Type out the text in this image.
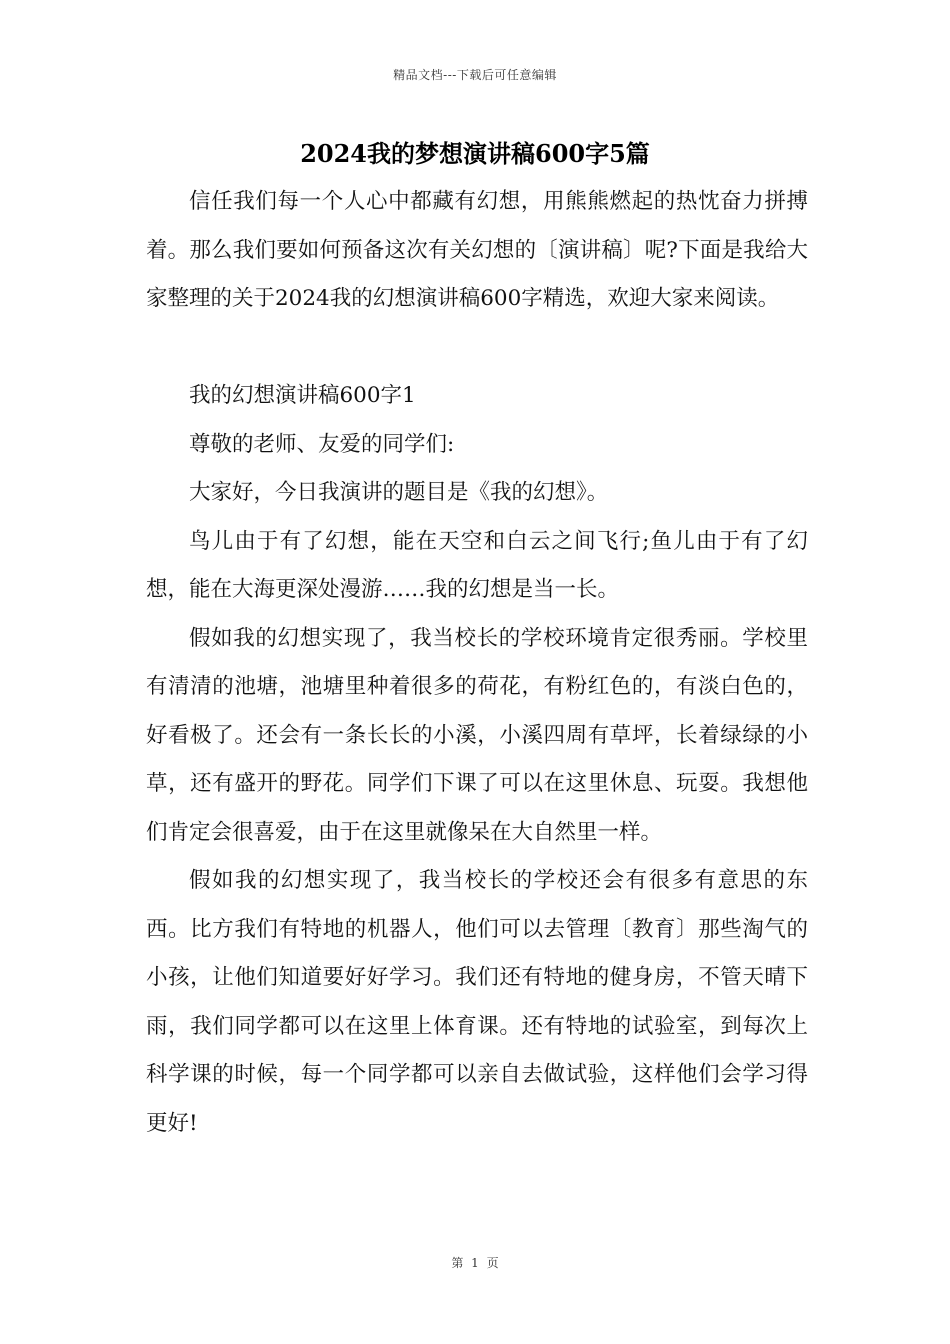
精品文档---下载后可任意编辑
2024我的梦想演讲稿600字5篇

信任我们每一个人心中都藏有幻想，用熊熊燃起的热忱奋力拼搏着。那么我们要如何预备这次有关幻想的〔演讲稿〕呢?下面是我给大家整理的关于2024我的幻想演讲稿600字精选，欢迎大家来阅读。

我的幻想演讲稿600字1

尊敬的老师、友爱的同学们:

大家好，今日我演讲的题目是《我的幻想》。

鸟儿由于有了幻想，能在天空和白云之间飞行;鱼儿由于有了幻想，能在大海更深处漫游……我的幻想是当一长。

假如我的幻想实现了，我当校长的学校环境肯定很秀丽。学校里有清清的池塘，池塘里种着很多的荷花，有粉红色的，有淡白色的，好看极了。还会有一条长长的小溪，小溪四周有草坪，长着绿绿的小草，还有盛开的野花。同学们下课了可以在这里休息、玩耍。我想他们肯定会很喜爱，由于在这里就像呆在大自然里一样。

假如我的幻想实现了，我当校长的学校还会有很多有意思的东西。比方我们有特地的机器人，他们可以去管理〔教育〕那些淘气的小孩，让他们知道要好好学习。我们还有特地的健身房，不管天晴下雨，我们同学都可以在这里上体育课。还有特地的试验室，到每次上科学课的时候，每一个同学都可以亲自去做试验，这样他们会学习得更好!

第 1 页
